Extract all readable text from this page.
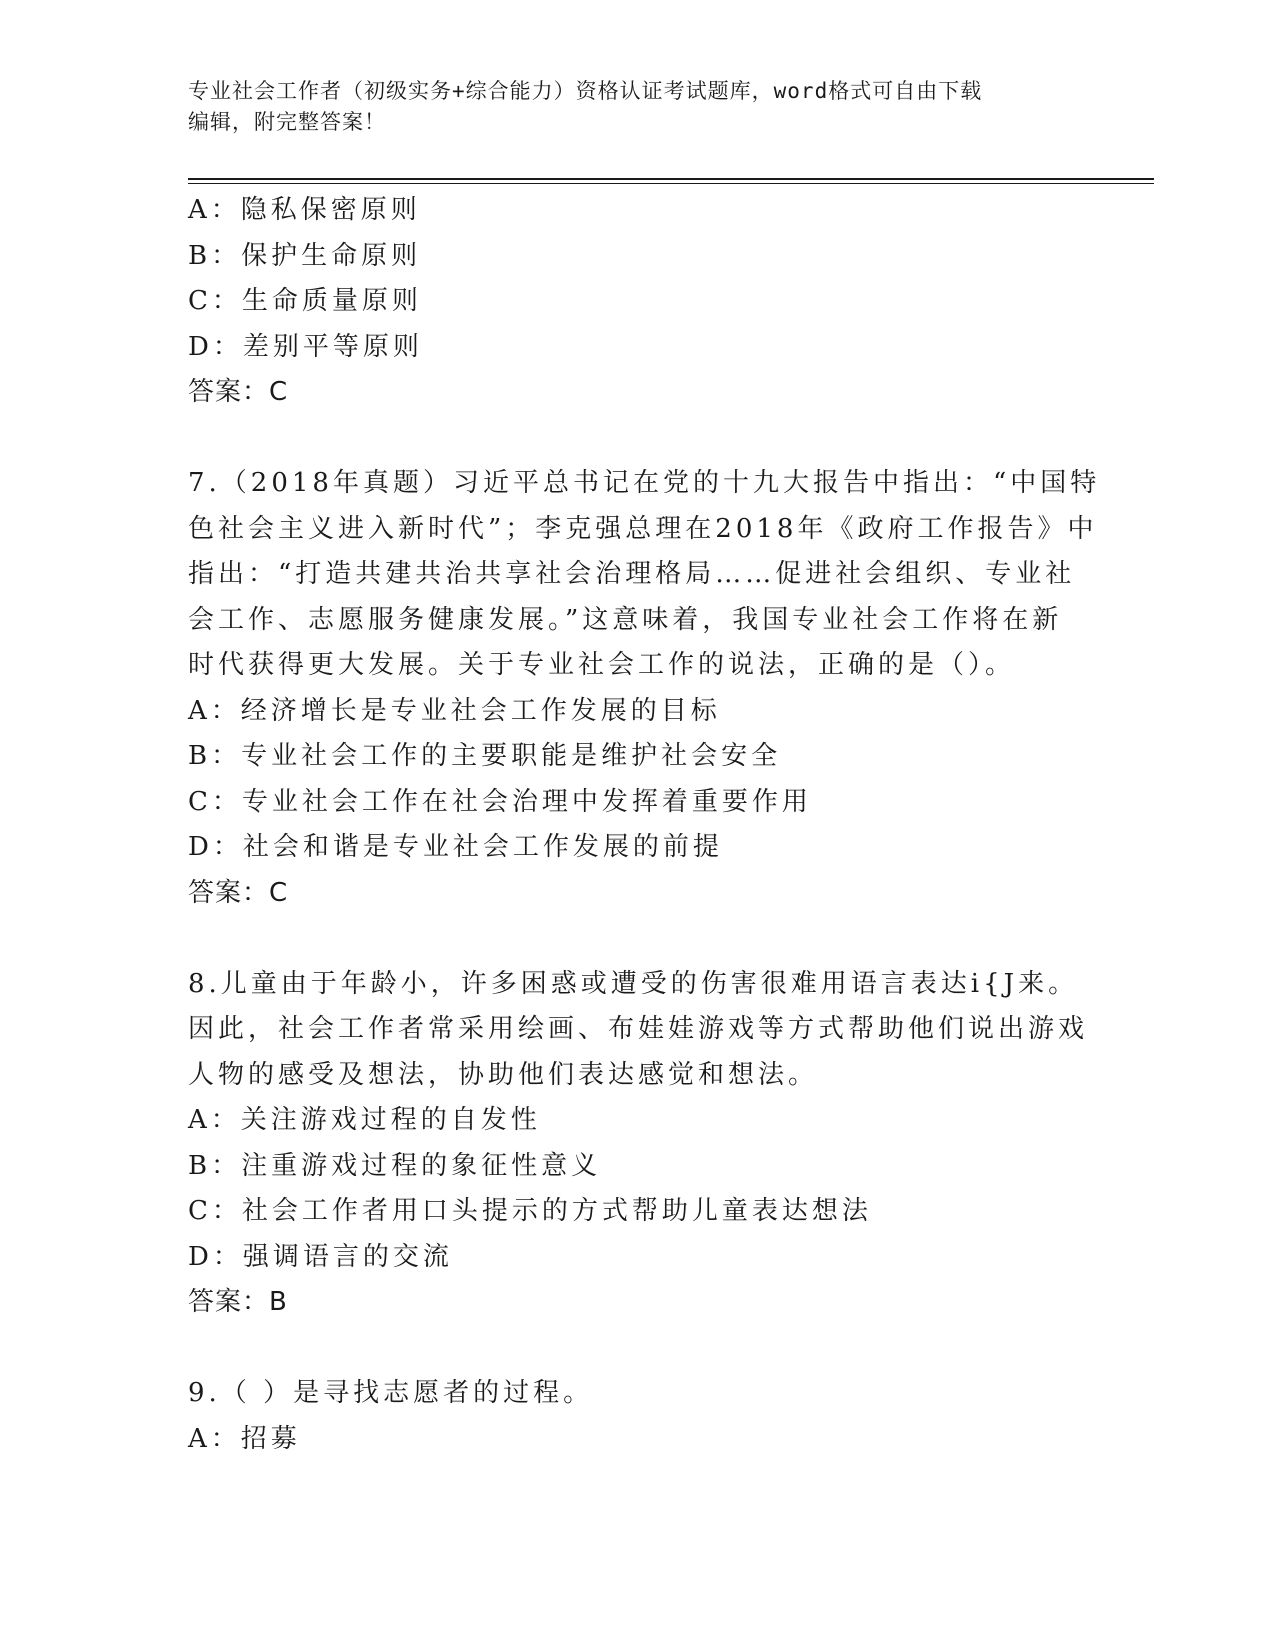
专业社会工作者（初级实务+综合能力）资格认证考试题库，word格式可自由下载
编辑，附完整答案！
A：隐私保密原则
B：保护生命原则
C：生命质量原则
D：差别平等原则
答案：C
7.（2018年真题）习近平总书记在党的十九大报告中指出：“中国特
色社会主义进入新时代”；李克强总理在2018年《政府工作报告》中
指出：“打造共建共治共享社会治理格局……促进社会组织、专业社
会工作、志愿服务健康发展。”这意味着，我国专业社会工作将在新
时代获得更大发展。关于专业社会工作的说法，正确的是（）。
A：经济增长是专业社会工作发展的目标
B：专业社会工作的主要职能是维护社会安全
C：专业社会工作在社会治理中发挥着重要作用
D：社会和谐是专业社会工作发展的前提
答案：C
8.儿童由于年龄小，许多困惑或遭受的伤害很难用语言表达i{J来。
因此，社会工作者常采用绘画、布娃娃游戏等方式帮助他们说出游戏
人物的感受及想法，协助他们表达感觉和想法。
A：关注游戏过程的自发性
B：注重游戏过程的象征性意义
C：社会工作者用口头提示的方式帮助儿童表达想法
D：强调语言的交流
答案：B
9.（ ）是寻找志愿者的过程。
A：招募
